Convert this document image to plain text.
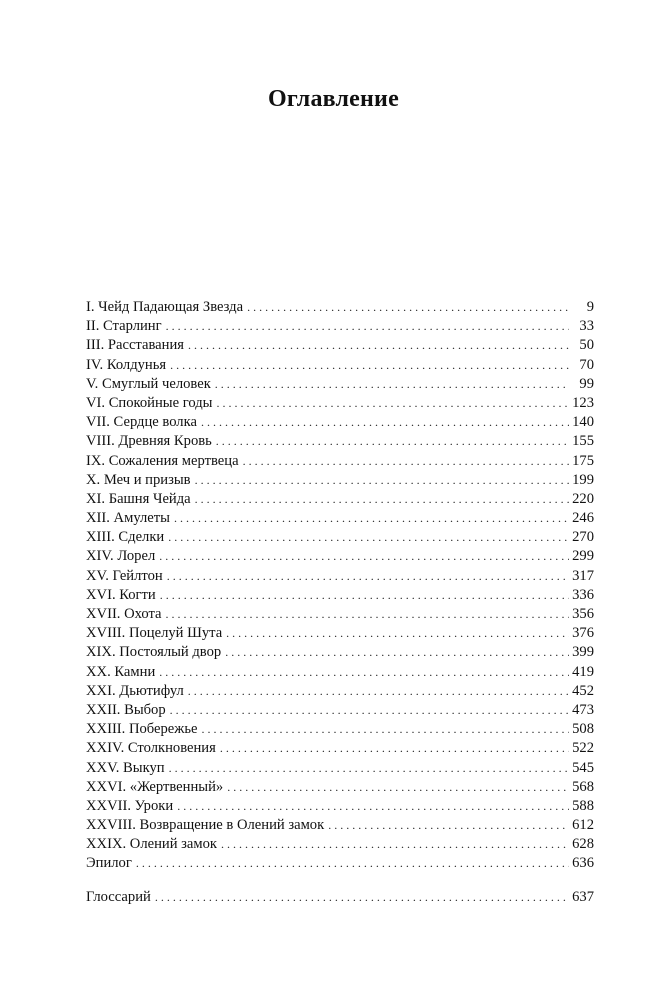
Оглавление
I. Чейд Падающая Звезда . . .	9
II. Старлинг . . .	33
III. Расставания . . .	50
IV. Колдунья . . .	70
V. Смуглый человек . . .	99
VI. Спокойные годы . . .	123
VII. Сердце волка . . .	140
VIII. Древняя Кровь . . .	155
IX. Сожаления мертвеца . . .	175
X. Меч и призыв . . .	199
XI. Башня Чейда . . .	220
XII. Амулеты . . .	246
XIII. Сделки . . .	270
XIV. Лорел . . .	299
XV. Гейлтон . . .	317
XVI. Когти . . .	336
XVII. Охота . . .	356
XVIII. Поцелуй Шута . . .	376
XIX. Постоялый двор . . .	399
XX. Камни . . .	419
XXI. Дьютифул . . .	452
XXII. Выбор . . .	473
XXIII. Побережье . . .	508
XXIV. Столкновения . . .	522
XXV. Выкуп . . .	545
XXVI. «Жертвенный» . . .	568
XXVII. Уроки . . .	588
XXVIII. Возвращение в Олений замок . . .	612
XXIX. Олений замок . . .	628
Эпилог . . .	636
Глоссарий . . .	637
